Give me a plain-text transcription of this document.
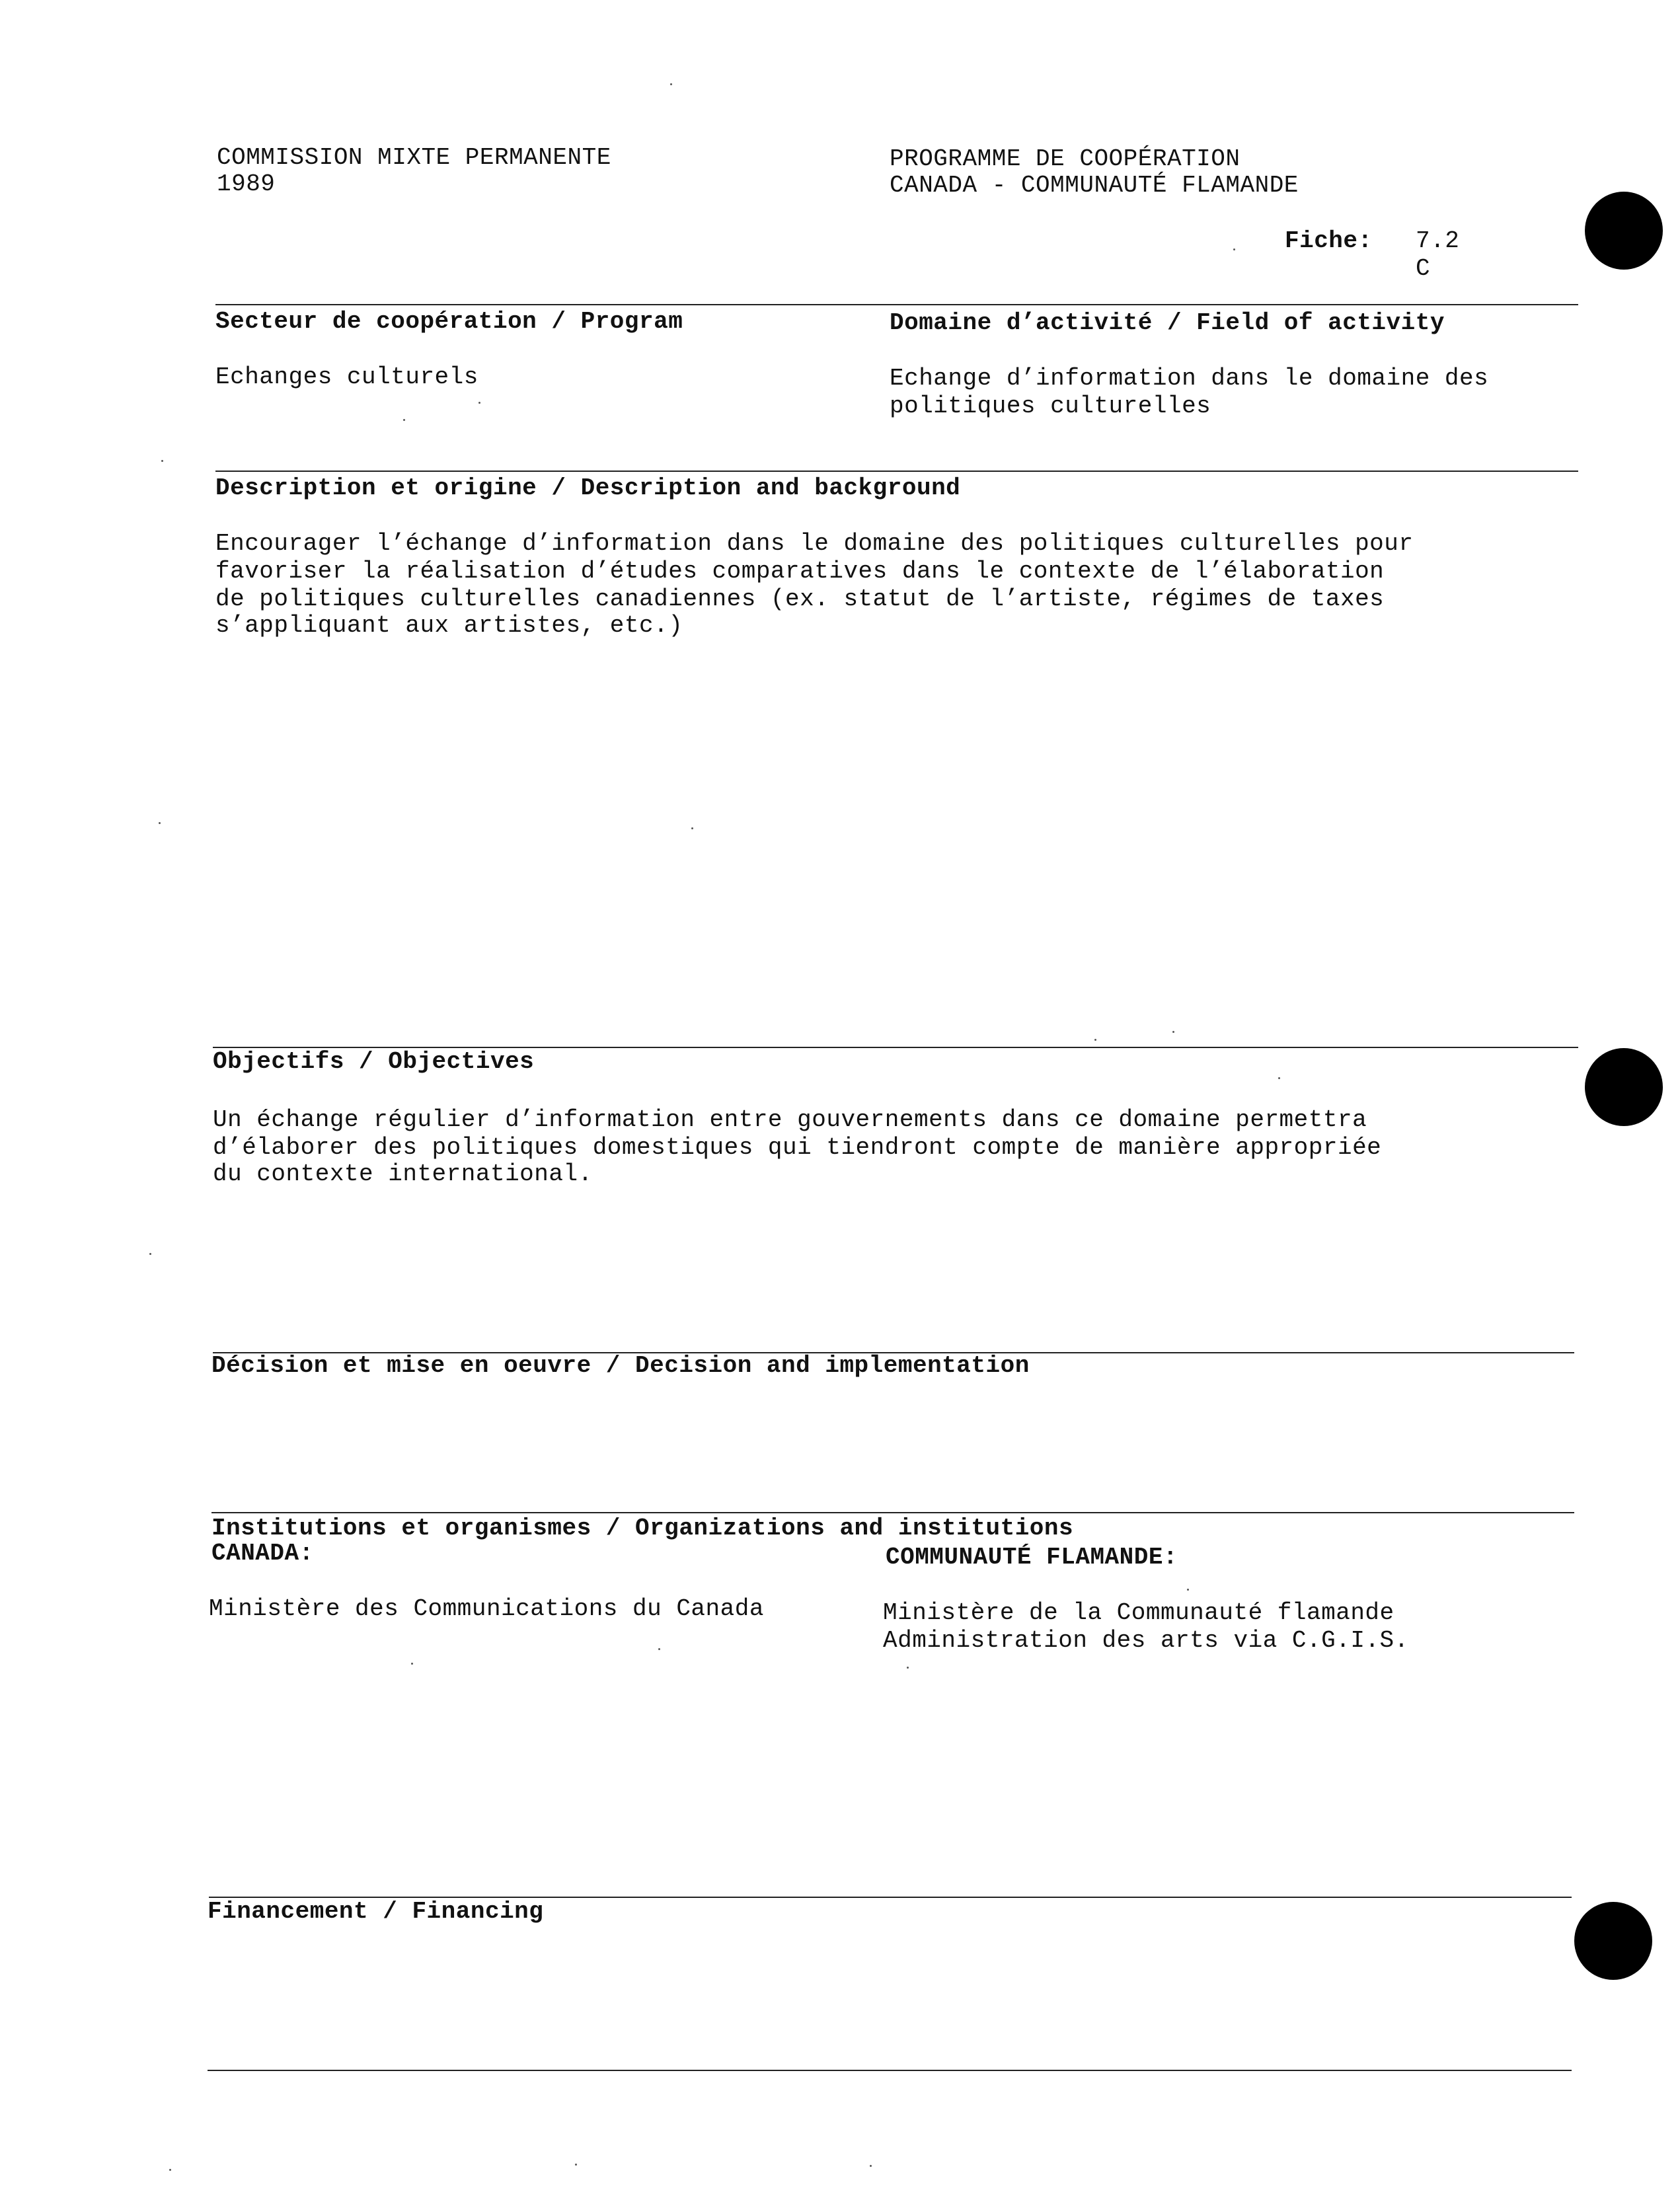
COMMISSION MIXTE PERMANENTE
1989
PROGRAMME DE COOPÉRATION
CANADA - COMMUNAUTÉ FLAMANDE
Fiche: 7.2
C
Secteur de coopération / Program
Echanges culturels
Domaine d’activité / Field of activity
Echange d’information dans le domaine des
politiques culturelles
Description et origine / Description and background
Encourager l’échange d’information dans le domaine des politiques culturelles pour
favoriser la réalisation d’études comparatives dans le contexte de l’élaboration
de politiques culturelles canadiennes (ex. statut de l’artiste, régimes de taxes
s’appliquant aux artistes, etc.)
Objectifs / Objectives
Un échange régulier d’information entre gouvernements dans ce domaine permettra
d’élaborer des politiques domestiques qui tiendront compte de manière appropriée
du contexte international.
Décision et mise en oeuvre / Decision and implementation
Institutions et organismes / Organizations and institutions
CANADA:	COMMUNAUTÉ FLAMANDE:
Ministère des Communications du Canada	Ministère de la Communauté flamande
Administration des arts via C.G.I.S.
Financement / Financing
